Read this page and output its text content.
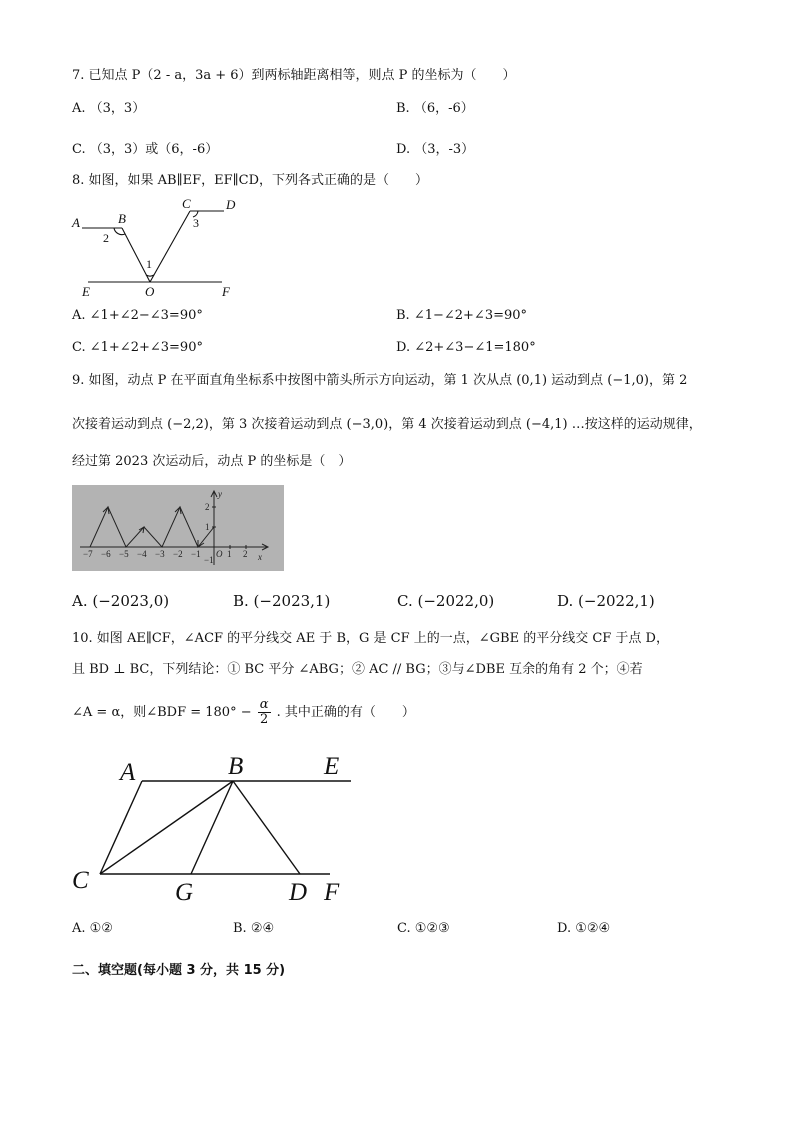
7. 已知点 P（2 - a，3a + 6）到两标轴距离相等，则点 P 的坐标为（　　）
A. （3，3）	B. （6，-6）
C. （3，3）或（6，-6）	D. （3，-3）
8. 如图，如果 AB∥EF，EF∥CD，下列各式正确的是（　　）
A	B
C	D
E	O	F
1
2
3
A. ∠1+∠2−∠3=90°	B. ∠1−∠2+∠3=90°
C. ∠1+∠2+∠3=90°	D. ∠2+∠3−∠1=180°
9. 如图，动点 P 在平面直角坐标系中按图中箭头所示方向运动，第 1 次从点 (0,1) 运动到点 (−1,0)，第 2
次接着运动到点 (−2,2)，第 3 次接着运动到点 (−3,0)，第 4 次接着运动到点 (−4,1) …按这样的运动规律，
经过第 2023 次运动后，动点 P 的坐标是（　）
y
x
O
2
1
−1
−7 −6 −5 −4 −3 −2 −1	1 2
A. (−2023,0)	B. (−2023,1)	C. (−2022,0)	D. (−2022,1)
10. 如图 AE∥CF，∠ACF 的平分线交 AE 于 B，G 是 CF 上的一点，∠GBE 的平分线交 CF 于点 D，
且 BD ⊥ BC，下列结论：① BC 平分 ∠ABG；② AC // BG；③与∠DBE 互余的角有 2 个；④若
∠A = α，则∠BDF = $180^\circ - \frac{\alpha}{2}$ . 其中正确的有（　　）
A	B	E
C	G	D F
A. ①②	B. ②④	C. ①②③	D. ①②④
二、填空题(每小题 3 分，共 15 分)
